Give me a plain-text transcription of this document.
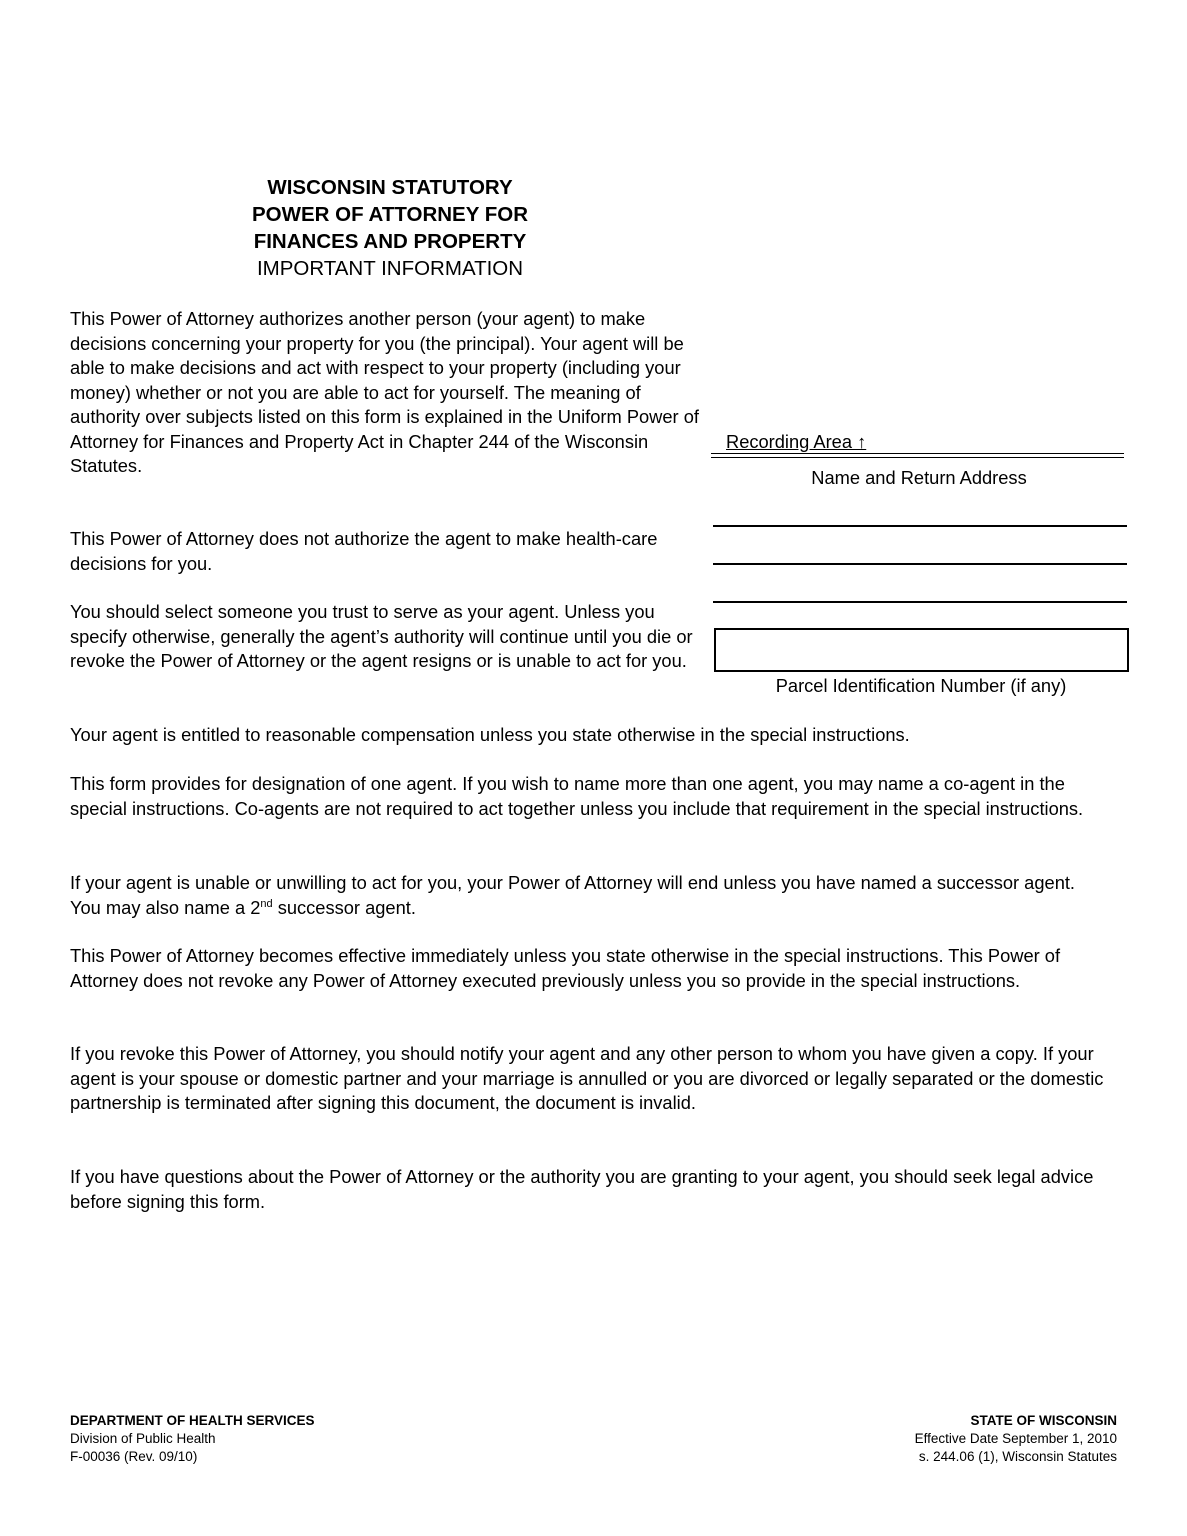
WISCONSIN STATUTORY
POWER OF ATTORNEY FOR
FINANCES AND PROPERTY
IMPORTANT INFORMATION

This Power of Attorney authorizes another person (your agent) to make decisions concerning your property for you (the principal). Your agent will be able to make decisions and act with respect to your property (including your money) whether or not you are able to act for yourself. The meaning of authority over subjects listed on this form is explained in the Uniform Power of Attorney for Finances and Property Act in Chapter 244 of the Wisconsin Statutes.

This Power of Attorney does not authorize the agent to make health-care decisions for you.

You should select someone you trust to serve as your agent. Unless you specify otherwise, generally the agent’s authority will continue until you die or revoke the Power of Attorney or the agent resigns or is unable to act for you.

Recording Area ↑
Name and Return Address
Parcel Identification Number (if any)

Your agent is entitled to reasonable compensation unless you state otherwise in the special instructions.

This form provides for designation of one agent. If you wish to name more than one agent, you may name a co-agent in the special instructions. Co-agents are not required to act together unless you include that requirement in the special instructions.

If your agent is unable or unwilling to act for you, your Power of Attorney will end unless you have named a successor agent. You may also name a 2nd successor agent.

This Power of Attorney becomes effective immediately unless you state otherwise in the special instructions. This Power of Attorney does not revoke any Power of Attorney executed previously unless you so provide in the special instructions.

If you revoke this Power of Attorney, you should notify your agent and any other person to whom you have given a copy. If your agent is your spouse or domestic partner and your marriage is annulled or you are divorced or legally separated or the domestic partnership is terminated after signing this document, the document is invalid.

If you have questions about the Power of Attorney or the authority you are granting to your agent, you should seek legal advice before signing this form.

DEPARTMENT OF HEALTH SERVICES
Division of Public Health
F-00036 (Rev. 09/10)
STATE OF WISCONSIN
Effective Date September 1, 2010
s. 244.06 (1), Wisconsin Statutes
